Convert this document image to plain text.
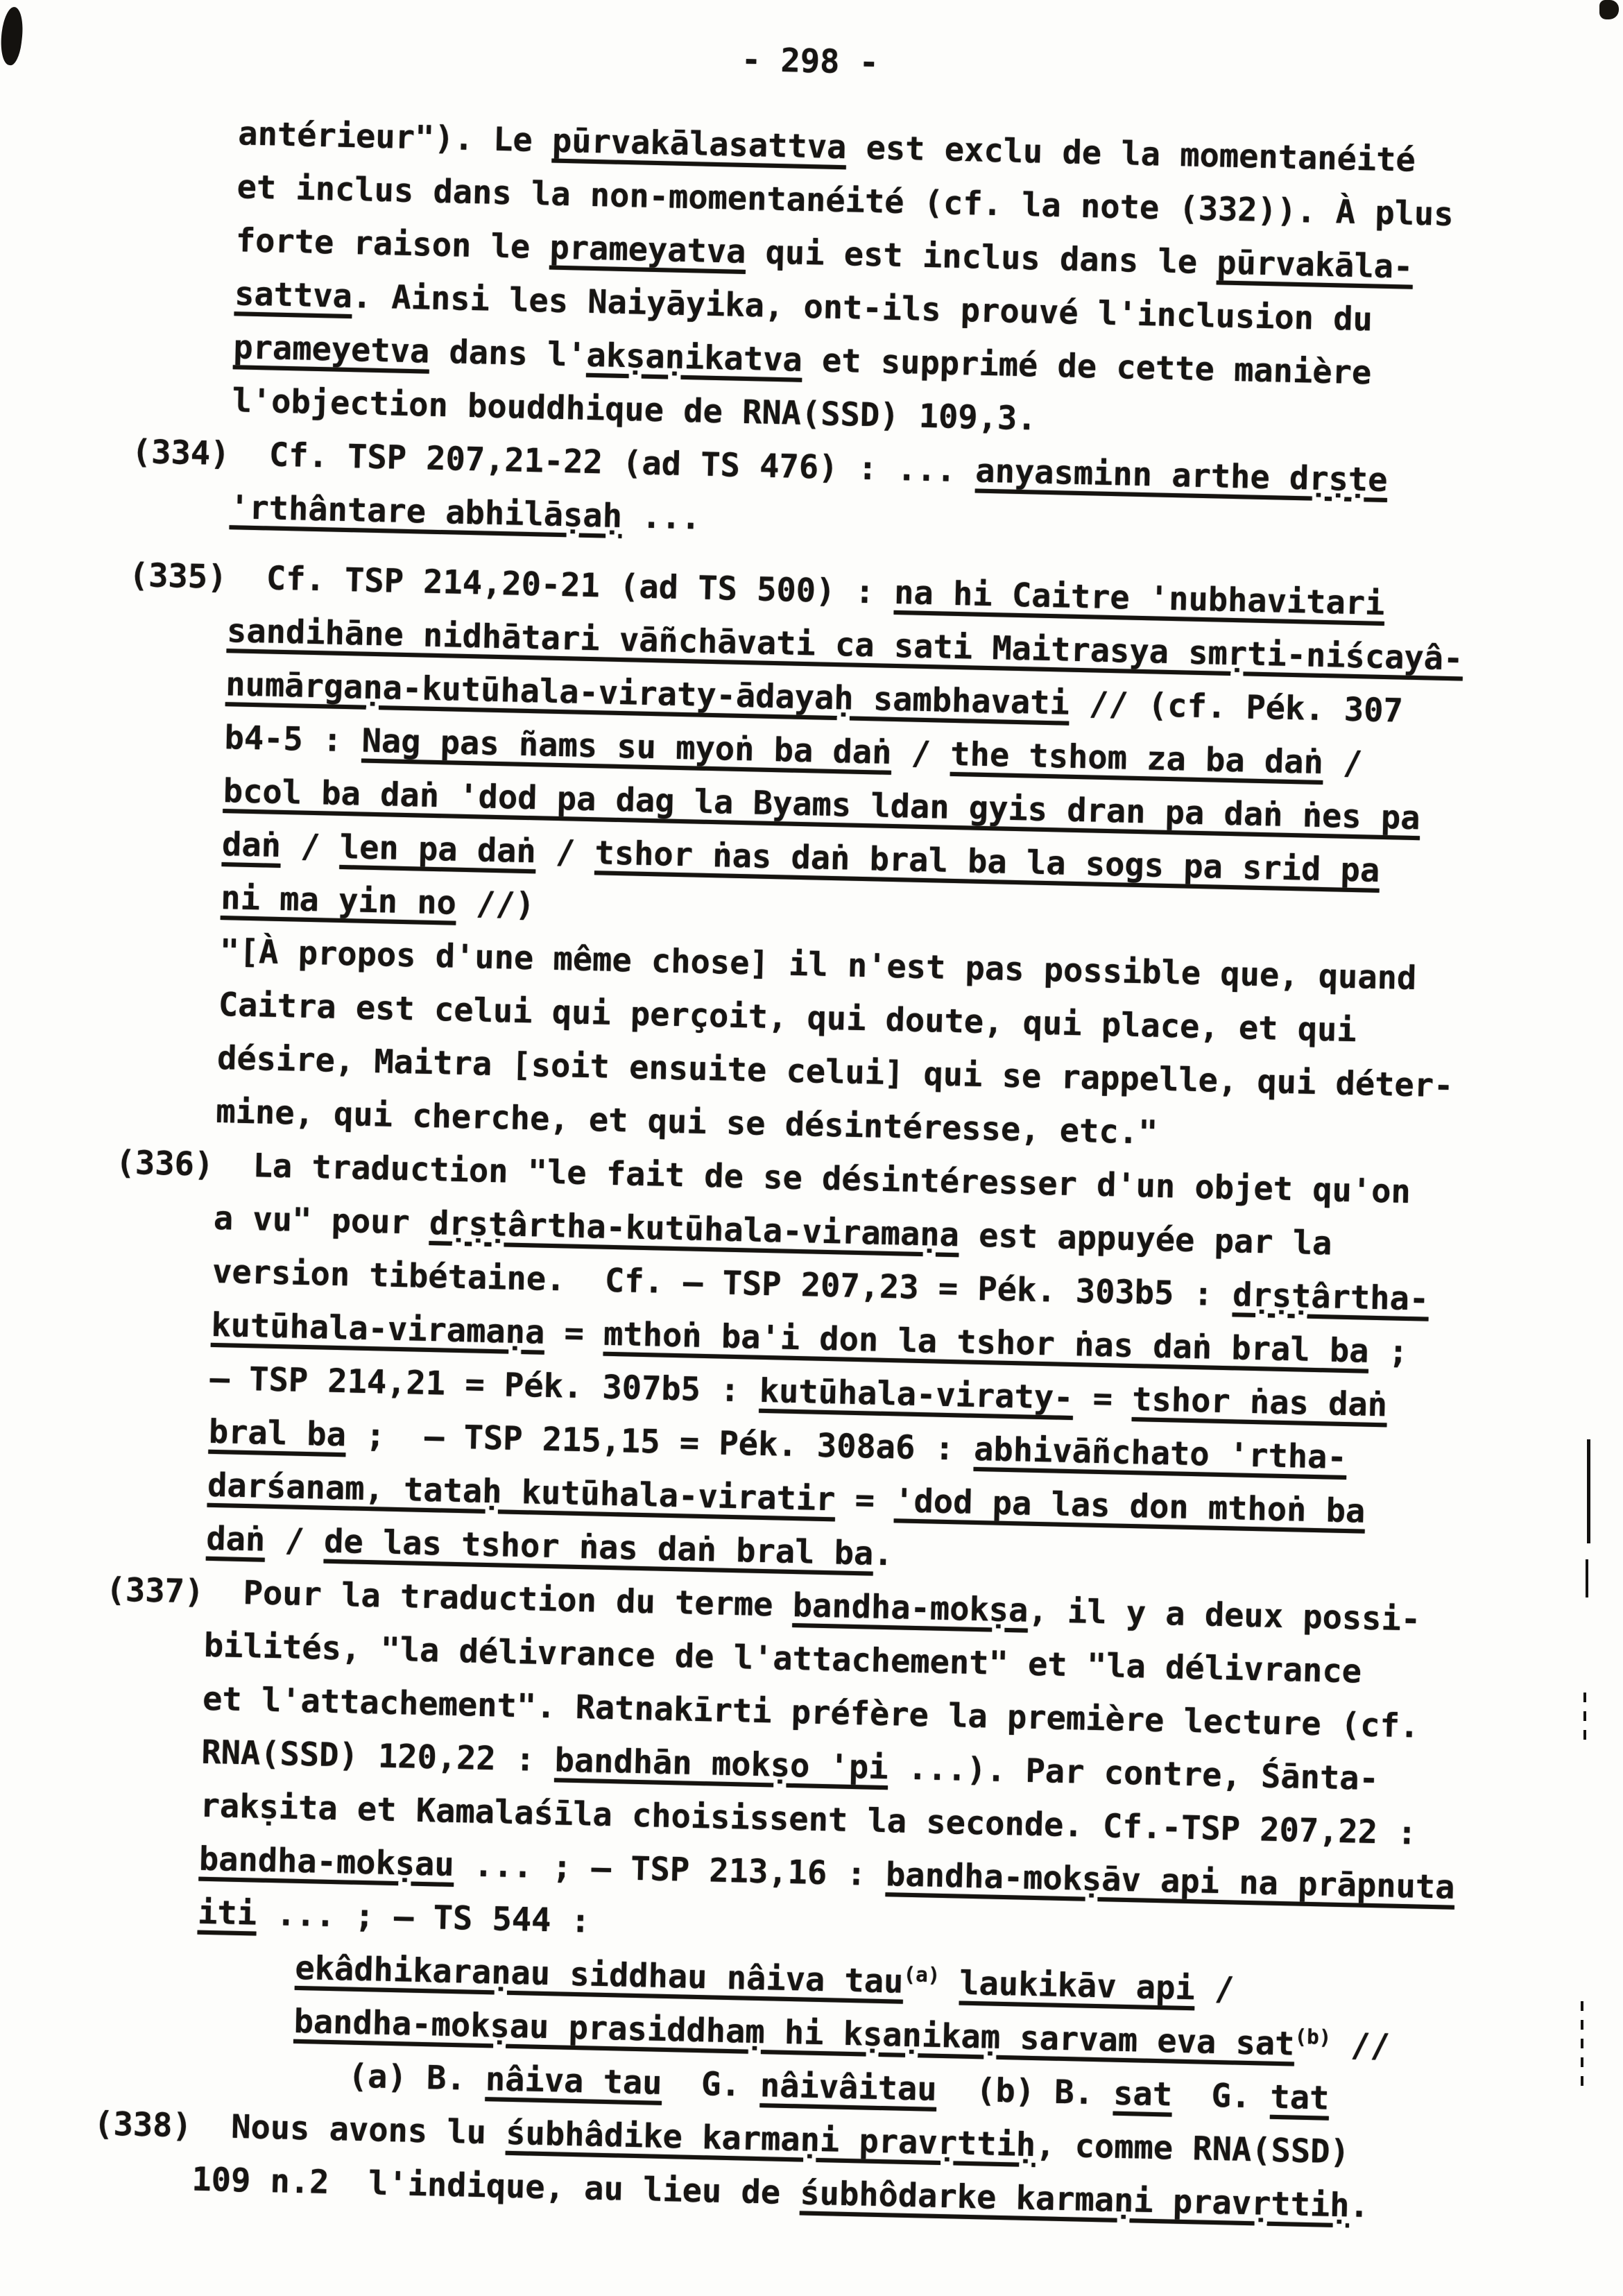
- 298 -
antérieur"). Le pūrvakālasattva est exclu de la momentanéité
et inclus dans la non-momentanéité (cf. la note (332)). À plus
forte raison le prameyatva qui est inclus dans le pūrvakāla-
sattva. Ainsi les Naiyāyika, ont-ils prouvé l'inclusion du
prameyetva dans l'akṣaṇikatva et supprimé de cette manière
l'objection bouddhique de RNA(SSD) 109,3.
(334)  Cf. TSP 207,21-22 (ad TS 476) : ... anyasminn arthe dṛṣṭe
'rthântare abhilāṣaḥ ...
(335)  Cf. TSP 214,20-21 (ad TS 500) : na hi Caitre 'nubhavitari
sandihāne nidhātari vāñchāvati ca sati Maitrasya smṛti-niścayâ-
numārgaṇa-kutūhala-viraty-ādayaḥ sambhavati // (cf. Pék. 307
b4-5 : Nag pas ñams su myoṅ ba daṅ / the tshom za ba daṅ /
bcol ba daṅ 'dod pa dag la Byams ldan gyis dran pa daṅ ṅes pa
daṅ / len pa daṅ / tshor ṅas daṅ bral ba la sogs pa srid pa
ni ma yin no //)
"[À propos d'une même chose] il n'est pas possible que, quand
Caitra est celui qui perçoit, qui doute, qui place, et qui
désire, Maitra [soit ensuite celui] qui se rappelle, qui déter-
mine, qui cherche, et qui se désintéresse, etc."
(336)  La traduction "le fait de se désintéresser d'un objet qu'on
a vu" pour dṛṣṭârtha-kutūhala-viramaṇa est appuyée par la
version tibétaine.  Cf. — TSP 207,23 = Pék. 303b5 : dṛṣṭârtha-
kutūhala-viramaṇa = mthoṅ ba'i don la tshor ṅas daṅ bral ba ;
— TSP 214,21 = Pék. 307b5 : kutūhala-viraty- = tshor ṅas daṅ
bral ba ;  — TSP 215,15 = Pék. 308a6 : abhivāñchato 'rtha-
darśanam, tataḥ kutūhala-viratir = 'dod pa las don mthoṅ ba
daṅ / de las tshor ṅas daṅ bral ba.
(337)  Pour la traduction du terme bandha-mokṣa, il y a deux possi-
bilités, "la délivrance de l'attachement" et "la délivrance
et l'attachement". Ratnakīrti préfère la première lecture (cf.
RNA(SSD) 120,22 : bandhān mokṣo 'pi ...). Par contre, Śānta-
rakṣita et Kamalaśīla choisissent la seconde. Cf.-TSP 207,22 :
bandha-mokṣau ... ; — TSP 213,16 : bandha-mokṣāv api na prāpnuta
iti ... ; — TS 544 :
ekâdhikaraṇau siddhau nâiva tau$^{(a)}$ laukikāv api /
bandha-mokṣau prasiddhaṃ hi kṣaṇikaṃ sarvam eva sat$^{(b)}$ //
(a) B. nâiva tau  G. nâivâitau  (b) B. sat  G. tat
(338)  Nous avons lu śubhâdike karmaṇi pravṛttiḥ, comme RNA(SSD)
109 n.2  l'indique, au lieu de śubhôdarke karmaṇi pravṛttiḥ.
